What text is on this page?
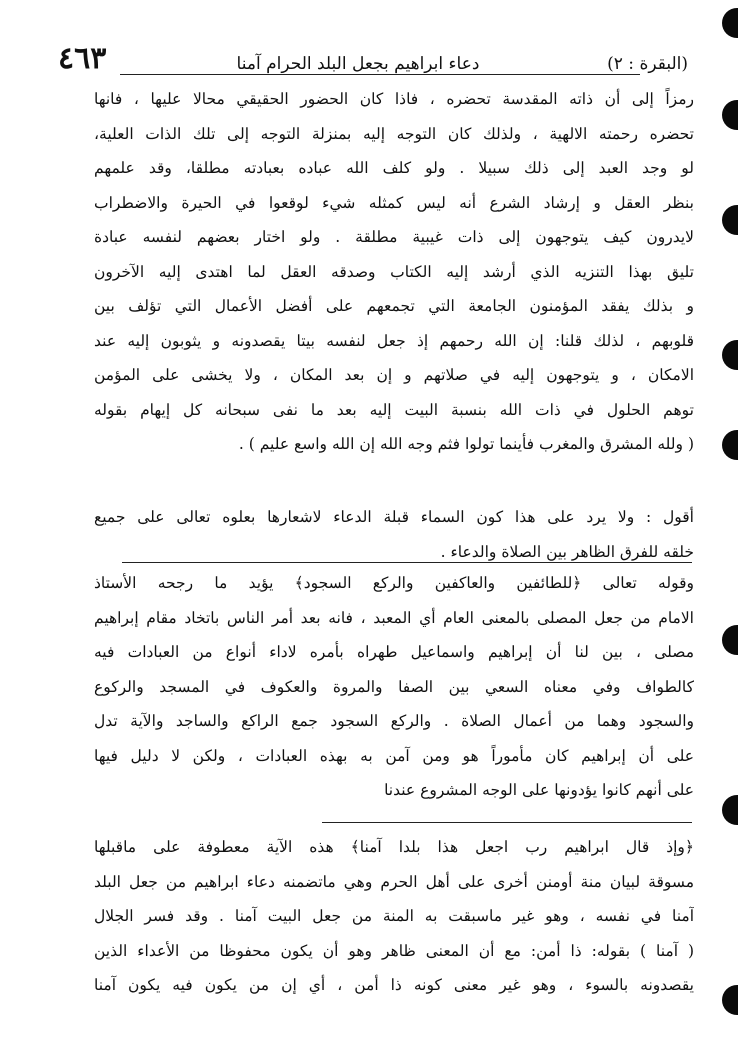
(البقرة : ٢)
دعاء ابراهيم بجعل البلد الحرام آمنا
٤٦٣
رمزاً إلى أن ذاته المقدسة تحضره ، فاذا كان الحضور الحقيقي محالا عليها ، فانها
تحضره رحمته الالهية ، ولذلك كان التوجه إليه بمنزلة التوجه إلى تلك الذات العلية،
لو وجد العبد إلى ذلك سبيلا . ولو كلف الله عباده بعبادته مطلقا، وقد علمهم
بنظر العقل و إرشاد الشرع أنه ليس كمثله شيء لوقعوا في الحيرة والاضطراب
لايدرون كيف يتوجهون إلى ذات غيبية مطلقة . ولو اختار بعضهم لنفسه عبادة
تليق بهذا التنزيه الذي أرشد إليه الكتاب وصدقه العقل لما اهتدى إليه الآخرون
و بذلك يفقد المؤمنون الجامعة التي تجمعهم على أفضل الأعمال التي تؤلف بين
قلوبهم ، لذلك قلنا: إن الله رحمهم إذ جعل لنفسه بيتا يقصدونه و يثوبون إليه عند
الامكان ، و يتوجهون إليه في صلاتهم و إن بعد المكان ، ولا يخشى على المؤمن
توهم الحلول في ذات الله بنسبة البيت إليه بعد ما نفى سبحانه كل إيهام بقوله
( ولله المشرق والمغرب فأينما تولوا فثم وجه الله إن الله واسع عليم ) .
أقول : ولا يرد على هذا كون السماء قبلة الدعاء لاشعارها بعلوه تعالى على جميع
خلقه للفرق الظاهر بين الصلاة والدعاء .
وقوله تعالى ﴿للطائفين والعاكفين والركع السجود﴾ يؤيد ما رجحه الأستاذ
الامام من جعل المصلى بالمعنى العام أي المعبد ، فانه بعد أمر الناس باتخاد مقام إبراهيم
مصلى ، بين لنا أن إبراهيم واسماعيل طهراه بأمره لاداء أنواع من العبادات فيه
كالطواف وفي معناه السعي بين الصفا والمروة والعكوف في المسجد والركوع
والسجود وهما من أعمال الصلاة . والركع السجود جمع الراكع والساجد والآية تدل
على أن إبراهيم كان مأموراً هو ومن آمن به بهذه العبادات ، ولكن لا دليل فيها
على أنهم كانوا يؤدونها على الوجه المشروع عندنا
﴿وإذ قال ابراهيم رب اجعل هذا بلدا آمنا﴾ هذه الآية معطوفة على ماقبلها
مسوقة لبيان منة أومنن أخرى على أهل الحرم وهي ماتضمنه دعاء ابراهيم من جعل البلد
آمنا في نفسه ، وهو غير ماسبقت به المنة من جعل البيت آمنا . وقد فسر الجلال
( آمنا ) بقوله: ذا أمن: مع أن المعنى ظاهر وهو أن يكون محفوظا من الأعداء الذين
يقصدونه بالسوء ، وهو غير معنى كونه ذا أمن ، أي إن من يكون فيه يكون آمنا
